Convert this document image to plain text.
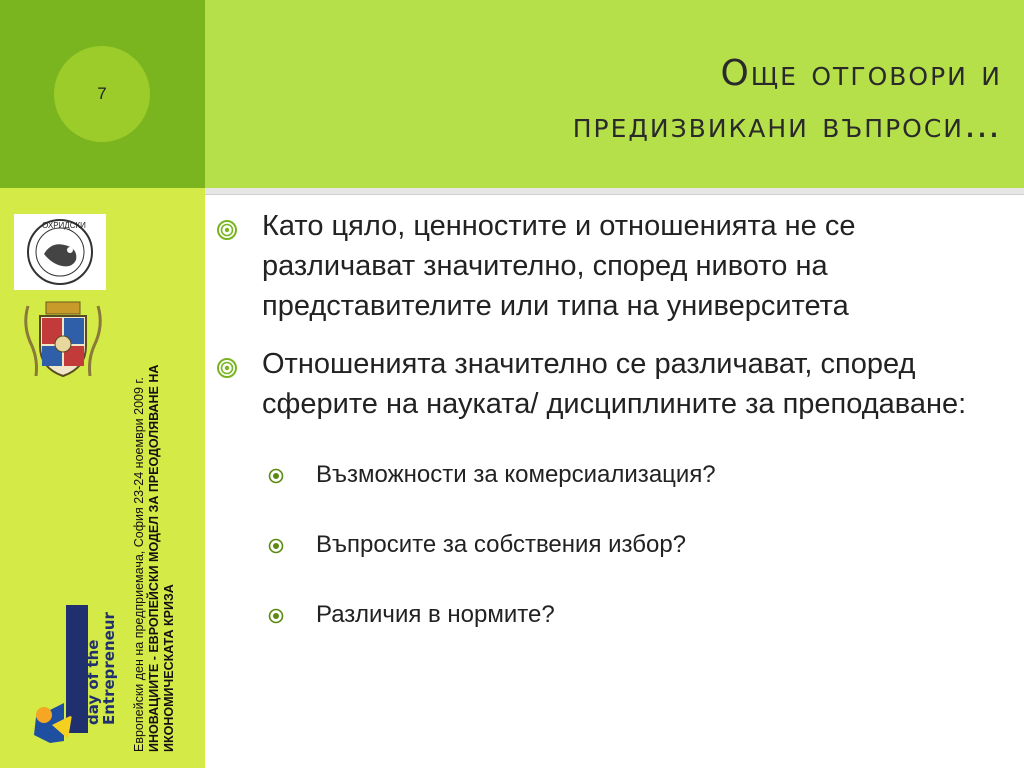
7	Още отговори и
предизвикани въпроси…
ОХРИДСКИ
the European
day of the
Entrepreneur Европейски ден на предприемача, София 23-24 ноември 2009 г. ИНОВАЦИИТЕ - ЕВРОПЕЙСКИ МОДЕЛ ЗА ПРЕОДОЛЯВАНЕ НА ИКОНОМИЧЕСКАТА КРИЗА
Като цяло, ценностите и отношенията не се различават значително, според нивото на представителите или типа на университета
Отношенията значително се различават, според сферите на науката/ дисциплините за преподаване:
Възможности за комерсиализация?
Въпросите за собствения избор?
Различия в нормите?
